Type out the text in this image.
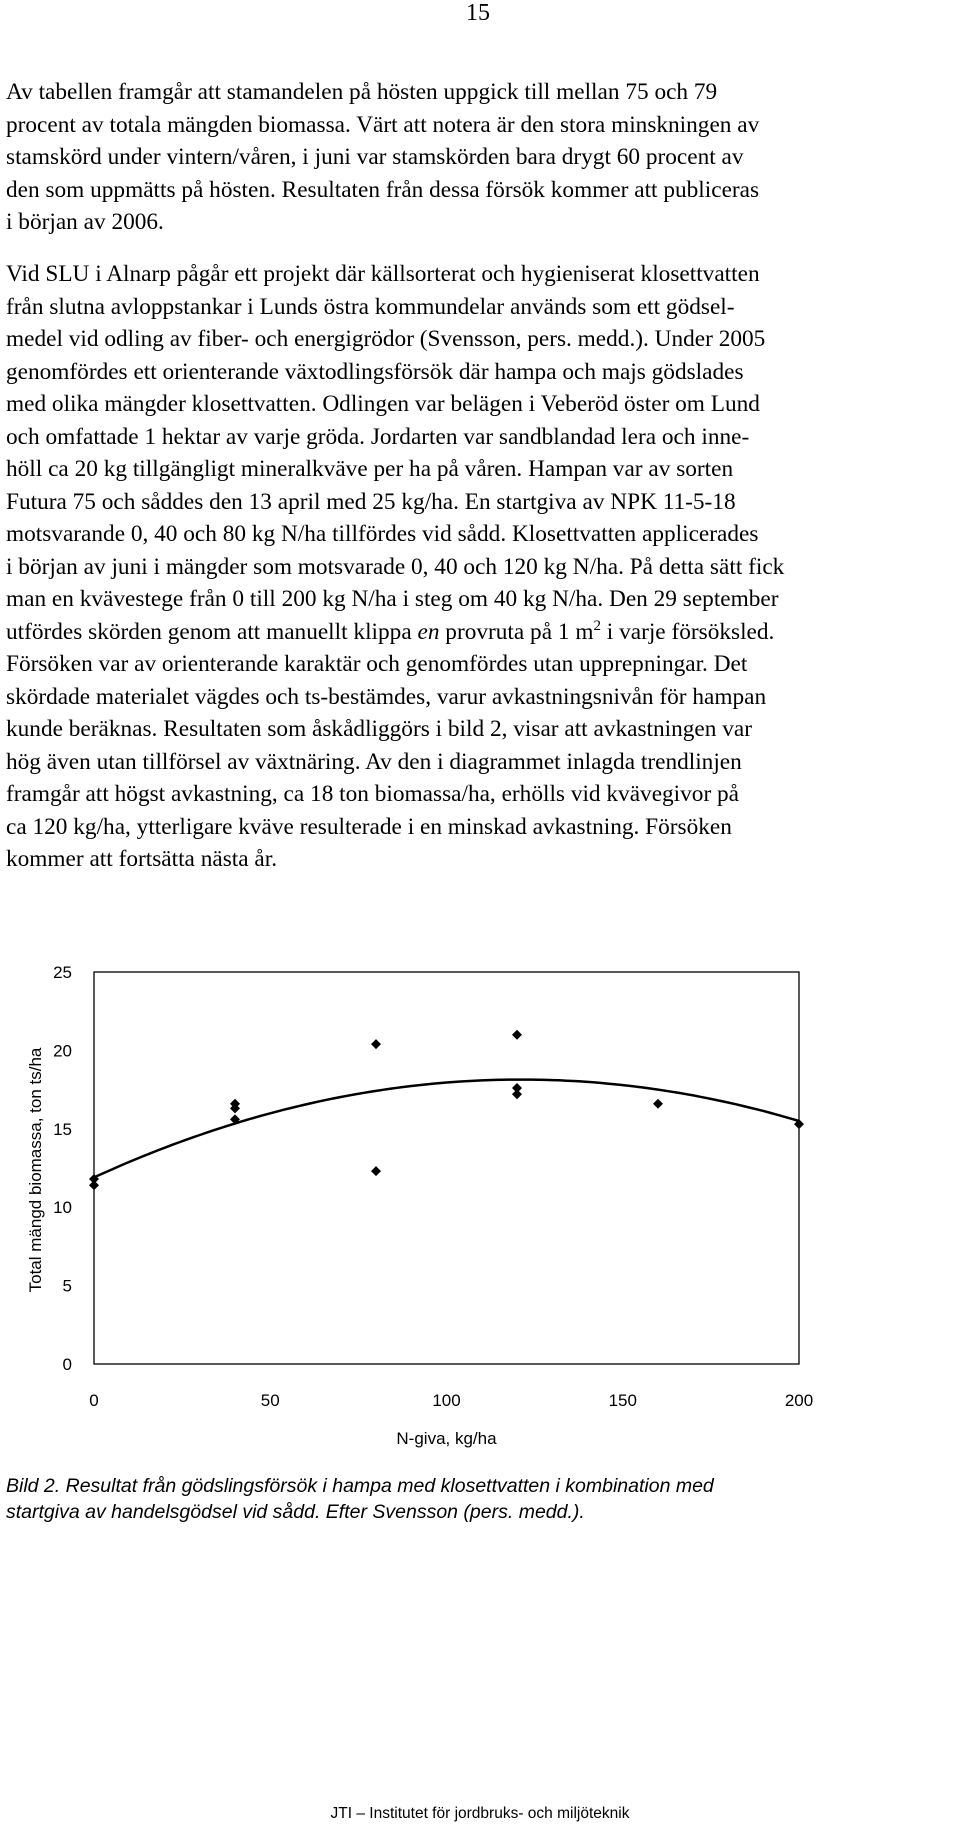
15
Av tabellen framgår att stamandelen på hösten uppgick till mellan 75 och 79
procent av totala mängden biomassa. Värt att notera är den stora minskningen av
stamskörd under vintern/våren, i juni var stamskörden bara drygt 60 procent av
den som uppmätts på hösten. Resultaten från dessa försök kommer att publiceras
i början av 2006.
Vid SLU i Alnarp pågår ett projekt där källsorterat och hygieniserat klosettvatten
från slutna avloppstankar i Lunds östra kommundelar används som ett gödsel-
medel vid odling av fiber- och energigrödor (Svensson, pers. medd.). Under 2005
genomfördes ett orienterande växtodlingsförsök där hampa och majs gödslades
med olika mängder klosettvatten. Odlingen var belägen i Veberöd öster om Lund
och omfattade 1 hektar av varje gröda. Jordarten var sandblandad lera och inne-
höll ca 20 kg tillgängligt mineralkväve per ha på våren. Hampan var av sorten
Futura 75 och såddes den 13 april med 25 kg/ha. En startgiva av NPK 11-5-18
motsvarande 0, 40 och 80 kg N/ha tillfördes vid sådd. Klosettvatten applicerades
i början av juni i mängder som motsvarade 0, 40 och 120 kg N/ha. På detta sätt fick
man en kvävestege från 0 till 200 kg N/ha i steg om 40 kg N/ha. Den 29 september
utfördes skörden genom att manuellt klippa en provruta på 1 $m^2$ i varje försöksled.
Försöken var av orienterande karaktär och genomfördes utan upprepningar. Det
skördade materialet vägdes och ts-bestämdes, varur avkastningsnivån för hampan
kunde beräknas. Resultaten som åskådliggörs i bild 2, visar att avkastningen var
hög även utan tillförsel av växtnäring. Av den i diagrammet inlagda trendlinjen
framgår att högst avkastning, ca 18 ton biomassa/ha, erhölls vid kvävegivor på
ca 120 kg/ha, ytterligare kväve resulterade i en minskad avkastning. Försöken
kommer att fortsätta nästa år.
0
5
10
15
20
25
0	50	100	150	200
N-giva, kg/ha
Total mängd biomassa, ton ts/ha
Bild 2. Resultat från gödslingsförsök i hampa med klosettvatten i kombination med
startgiva av handelsgödsel vid sådd. Efter Svensson (pers. medd.).
JTI – Institutet för jordbruks- och miljöteknik
